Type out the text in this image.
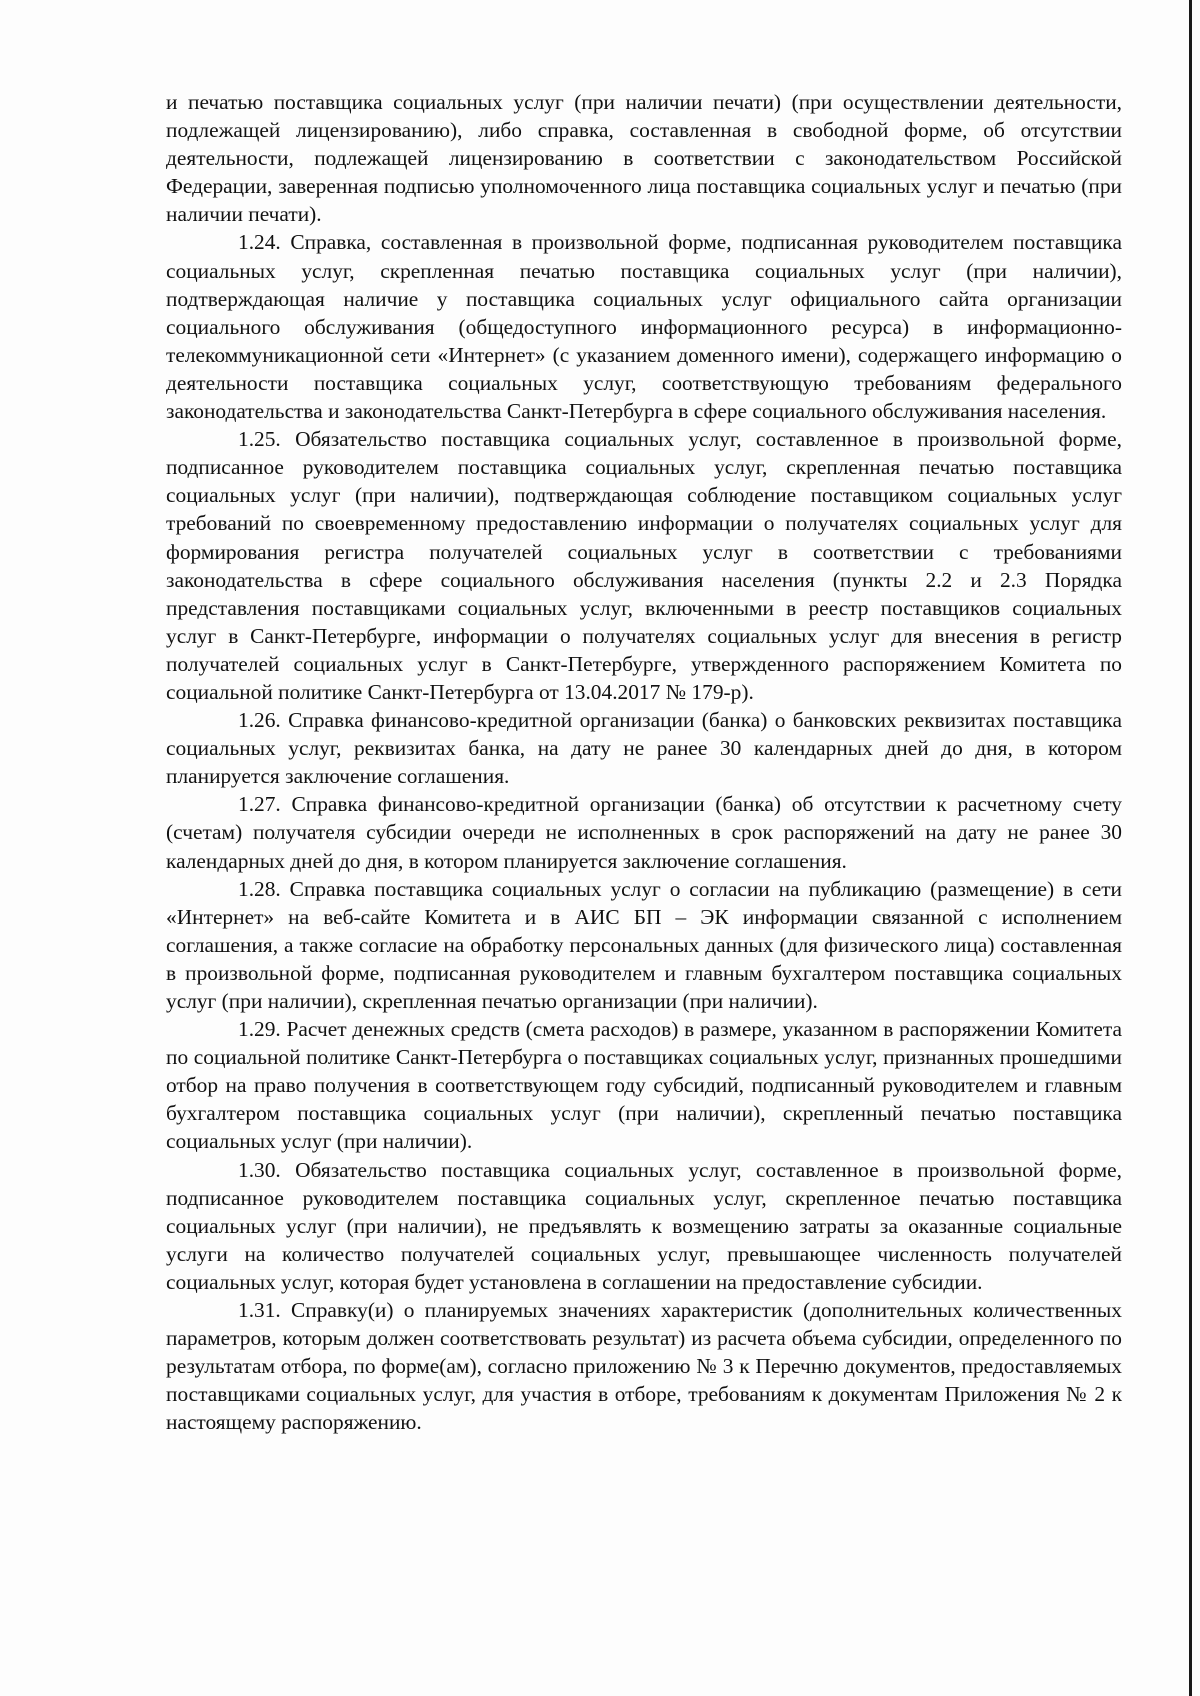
и печатью поставщика социальных услуг (при наличии печати) (при осуществлении деятельности, подлежащей лицензированию), либо справка, составленная в свободной форме, об отсутствии деятельности, подлежащей лицензированию в соответствии с законодательством Российской Федерации, заверенная подписью уполномоченного лица поставщика социальных услуг и печатью (при наличии печати).

1.24. Справка, составленная в произвольной форме, подписанная руководителем поставщика социальных услуг, скрепленная печатью поставщика социальных услуг (при наличии), подтверждающая наличие у поставщика социальных услуг официального сайта организации социального обслуживания (общедоступного информационного ресурса) в информационно-телекоммуникационной сети «Интернет» (с указанием доменного имени), содержащего информацию о деятельности поставщика социальных услуг, соответствующую требованиям федерального законодательства и законодательства Санкт-Петербурга в сфере социального обслуживания населения.

1.25. Обязательство поставщика социальных услуг, составленное в произвольной форме, подписанное руководителем поставщика социальных услуг, скрепленная печатью поставщика социальных услуг (при наличии), подтверждающая соблюдение поставщиком социальных услуг требований по своевременному предоставлению информации о получателях социальных услуг для формирования регистра получателей социальных услуг в соответствии с требованиями законодательства в сфере социального обслуживания населения (пункты 2.2 и 2.3 Порядка представления поставщиками социальных услуг, включенными в реестр поставщиков социальных услуг в Санкт-Петербурге, информации о получателях социальных услуг для внесения в регистр получателей социальных услуг в Санкт-Петербурге, утвержденного распоряжением Комитета по социальной политике Санкт-Петербурга от 13.04.2017 № 179-р).

1.26. Справка финансово-кредитной организации (банка) о банковских реквизитах поставщика социальных услуг, реквизитах банка, на дату не ранее 30 календарных дней до дня, в котором планируется заключение соглашения.

1.27. Справка финансово-кредитной организации (банка) об отсутствии к расчетному счету (счетам) получателя субсидии очереди не исполненных в срок распоряжений на дату не ранее 30 календарных дней до дня, в котором планируется заключение соглашения.

1.28. Справка поставщика социальных услуг о согласии на публикацию (размещение) в сети «Интернет» на веб-сайте Комитета и в АИС БП – ЭК информации связанной с исполнением соглашения, а также согласие на обработку персональных данных (для физического лица) составленная в произвольной форме, подписанная руководителем и главным бухгалтером поставщика социальных услуг (при наличии), скрепленная печатью организации (при наличии).

1.29. Расчет денежных средств (смета расходов) в размере, указанном в распоряжении Комитета по социальной политике Санкт-Петербурга о поставщиках социальных услуг, признанных прошедшими отбор на право получения в соответствующем году субсидий, подписанный руководителем и главным бухгалтером поставщика социальных услуг (при наличии), скрепленный печатью поставщика социальных услуг (при наличии).

1.30. Обязательство поставщика социальных услуг, составленное в произвольной форме, подписанное руководителем поставщика социальных услуг, скрепленное печатью поставщика социальных услуг (при наличии), не предъявлять к возмещению затраты за оказанные социальные услуги на количество получателей социальных услуг, превышающее численность получателей социальных услуг, которая будет установлена в соглашении на предоставление субсидии.

1.31. Справку(и) о планируемых значениях характеристик (дополнительных количественных параметров, которым должен соответствовать результат) из расчета объема субсидии, определенного по результатам отбора, по форме(ам), согласно приложению № 3 к Перечню документов, предоставляемых поставщиками социальных услуг, для участия в отборе, требованиям к документам Приложения № 2 к настоящему распоряжению.
